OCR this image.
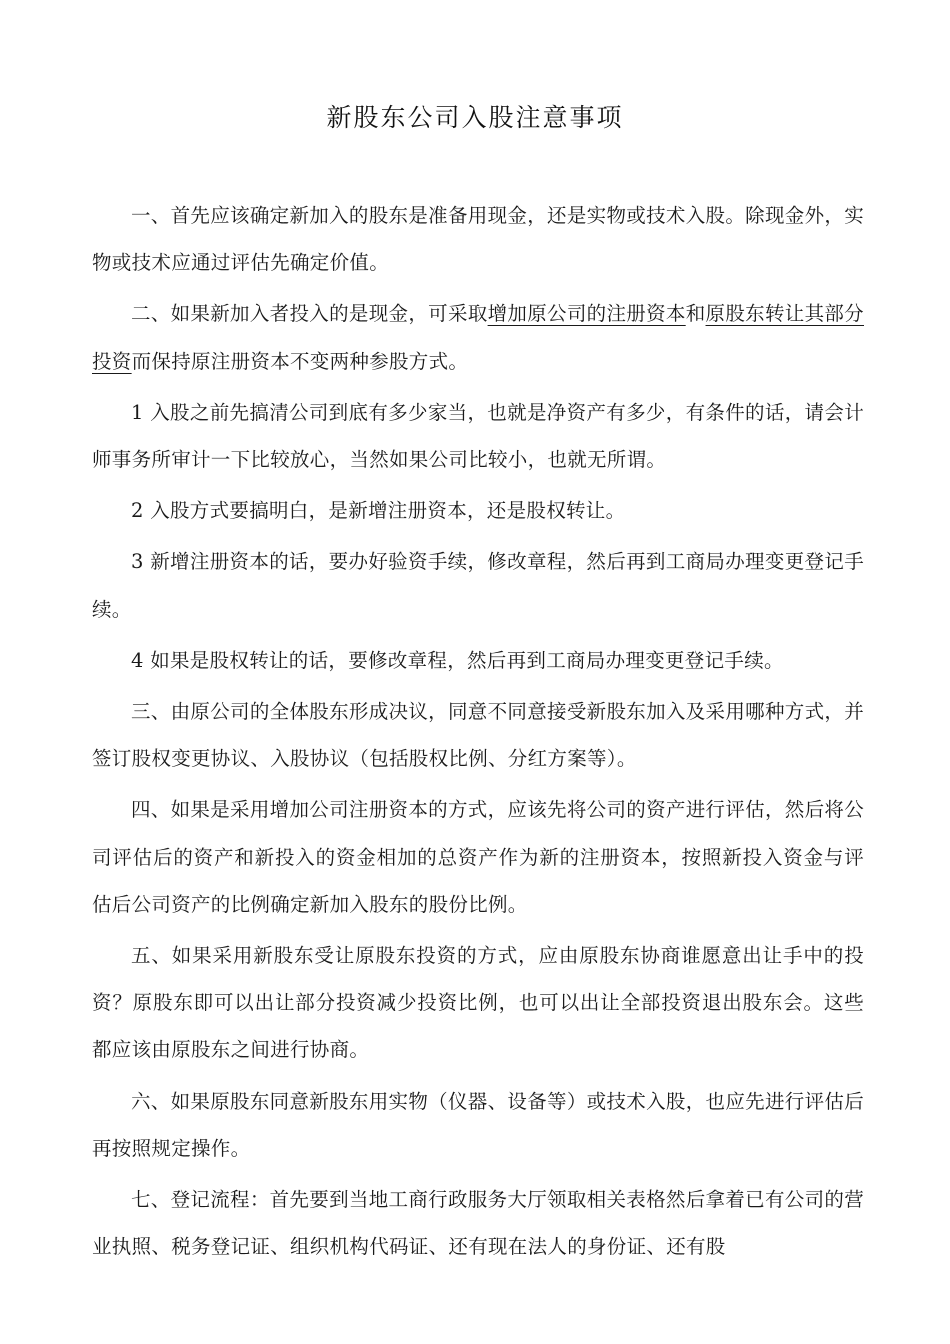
新股东公司入股注意事项

一、首先应该确定新加入的股东是准备用现金，还是实物或技术入股。除现金外，实物或技术应通过评估先确定价值。

二、如果新加入者投入的是现金，可采取增加原公司的注册资本和原股东转让其部分投资而保持原注册资本不变两种参股方式。

1 入股之前先搞清公司到底有多少家当，也就是净资产有多少，有条件的话，请会计师事务所审计一下比较放心，当然如果公司比较小，也就无所谓。

2 入股方式要搞明白，是新增注册资本，还是股权转让。

3 新增注册资本的话，要办好验资手续，修改章程，然后再到工商局办理变更登记手续。

4 如果是股权转让的话，要修改章程，然后再到工商局办理变更登记手续。

三、由原公司的全体股东形成决议，同意不同意接受新股东加入及采用哪种方式，并签订股权变更协议、入股协议（包括股权比例、分红方案等）。

四、如果是采用增加公司注册资本的方式，应该先将公司的资产进行评估，然后将公司评估后的资产和新投入的资金相加的总资产作为新的注册资本，按照新投入资金与评估后公司资产的比例确定新加入股东的股份比例。

五、如果采用新股东受让原股东投资的方式，应由原股东协商谁愿意出让手中的投资？原股东即可以出让部分投资减少投资比例，也可以出让全部投资退出股东会。这些都应该由原股东之间进行协商。

六、如果原股东同意新股东用实物（仪器、设备等）或技术入股，也应先进行评估后再按照规定操作。

七、登记流程：首先要到当地工商行政服务大厅领取相关表格然后拿着已有公司的营业执照、税务登记证、组织机构代码证、还有现在法人的身份证、还有股
